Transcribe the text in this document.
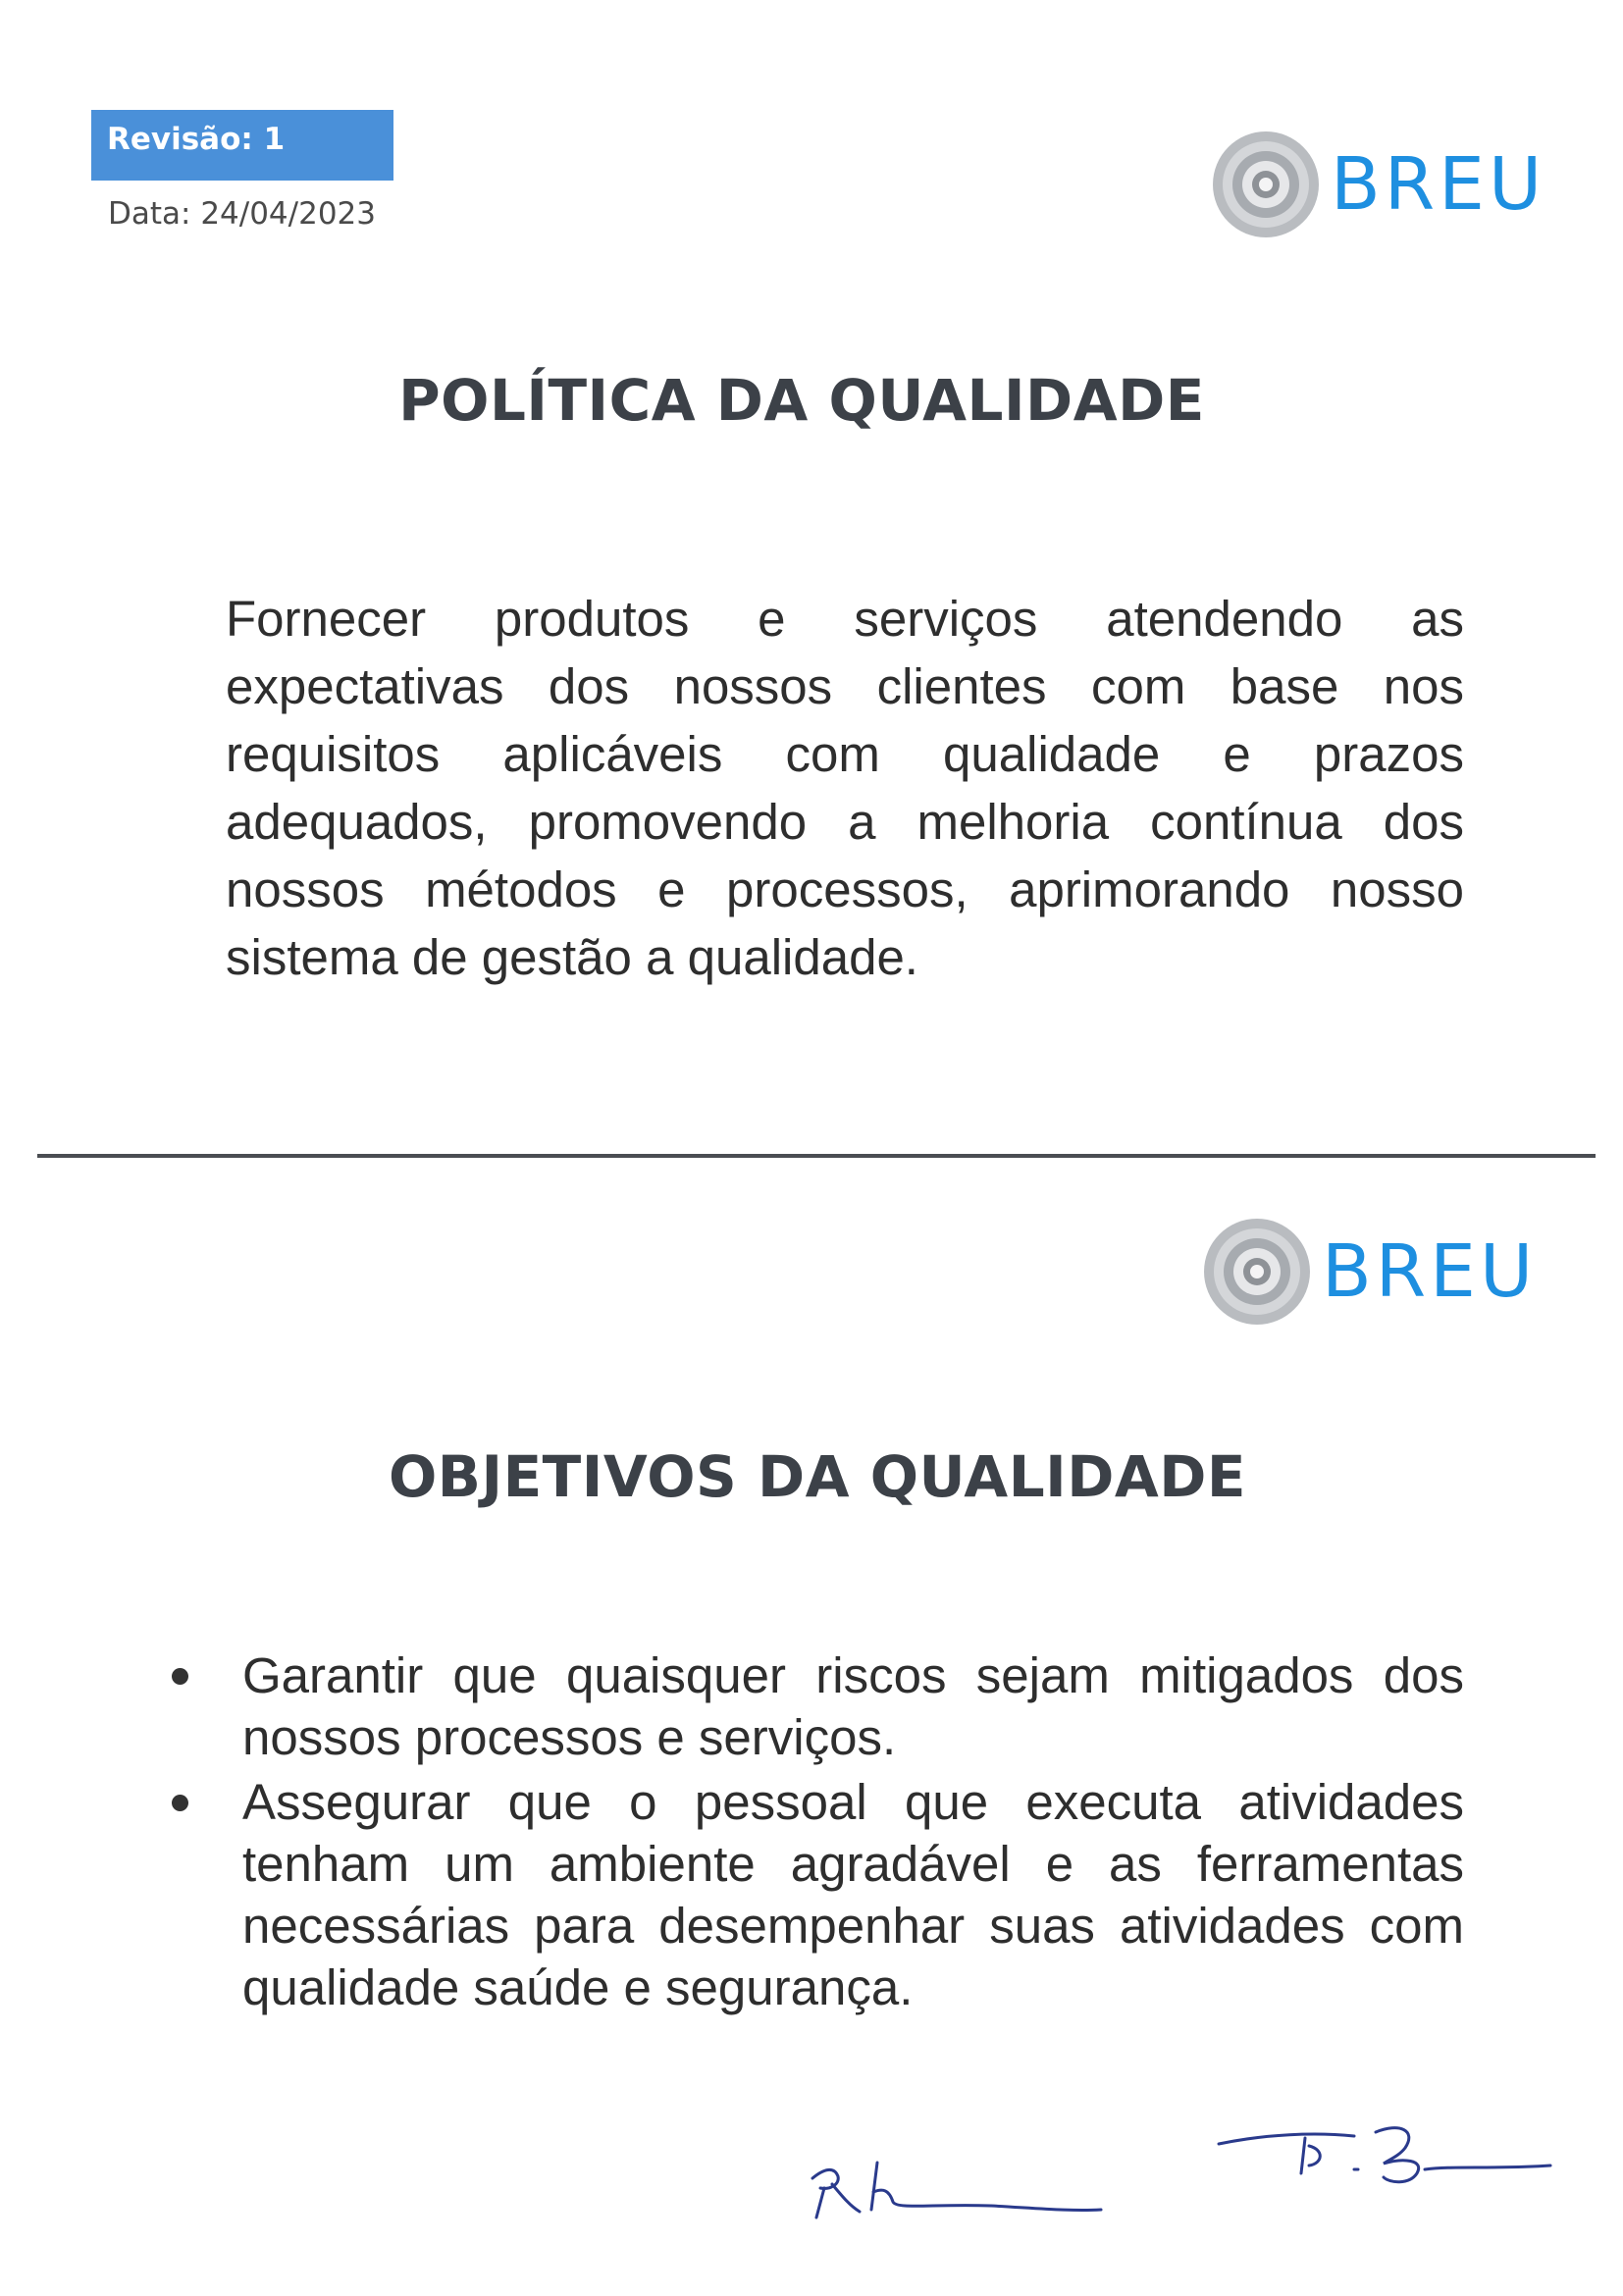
Revisão: 1
Data: 24/04/2023	BREU
POLÍTICA DA QUALIDADE

Fornecer produtos e serviços atendendo as expectativas dos nossos clientes com base nos requisitos aplicáveis com qualidade e prazos adequados, promovendo a melhoria contínua dos nossos métodos e processos, aprimorando nosso sistema de gestão a qualidade.

BREU
OBJETIVOS DA QUALIDADE
Garantir que quaisquer riscos sejam mitigados dos nossos processos e serviços.
Assegurar que o pessoal que executa atividades tenham um ambiente agradável e as ferramentas necessárias para desempenhar suas atividades com qualidade saúde e segurança.
